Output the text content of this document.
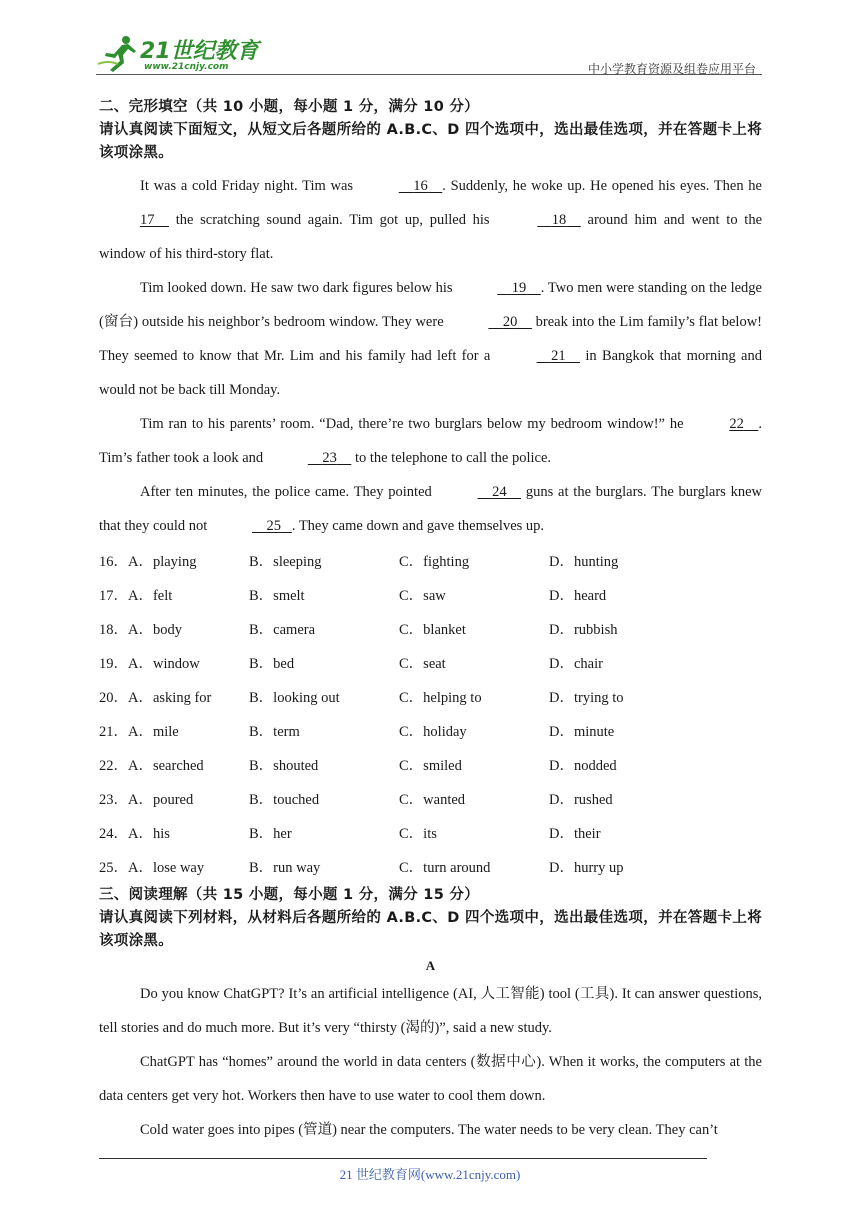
21世纪教育
www.21cnjy.com	中小学教育资源及组卷应用平台

二、完形填空（共 10 小题，每小题 1 分，满分 10 分）

请认真阅读下面短文，从短文后各题所给的 A.B.C、D 四个选项中，选出最佳选项，并在答题卡上将该项涂黑。

It was a cold Friday night. Tim was	16 . Suddenly, he woke up. He opened his eyes. Then he 17     the scratching sound again. Tim got up, pulled his	18     around him and went to the window of his third-story flat.

Tim looked down. He saw two dark figures below his	19 . Two men were standing on the ledge (窗台) outside his neighbor’s bedroom window. They were	20     break into the Lim family’s flat below! They seemed to know that Mr. Lim and his family had left for a	21     in Bangkok that morning and would not be back till Monday.

Tim ran to his parents’ room. “Dad, there’re two burglars below my bedroom window!” he	22 . Tim’s father took a look and	23     to the telephone to call the police.

After ten minutes, the police came. They pointed	24     guns at the burglars. The burglars knew that they could not	25 . They came down and gave themselves up.

16．A．playing	B．sleeping	C．fighting	D．hunting
17．A．felt	B．smelt	C．saw	D．heard
18．A．body	B．camera	C．blanket	D．rubbish
19．A．window	B．bed	C．seat	D．chair
20．A．asking for	B．looking out	C．helping to	D．trying to
21．A．mile	B．term	C．holiday	D．minute
22．A．searched	B．shouted	C．smiled	D．nodded
23．A．poured	B．touched	C．wanted	D．rushed
24．A．his	B．her	C．its	D．their
25．A．lose way	B．run way	C．turn around	D．hurry up

三、阅读理解（共 15 小题，每小题 1 分，满分 15 分）

请认真阅读下列材料，从材料后各题所给的 A.B.C、D 四个选项中，选出最佳选项，并在答题卡上将该项涂黑。

A

Do you know ChatGPT? It’s an artificial intelligence (AI, 人工智能) tool (工具). It can answer questions, tell stories and do much more. But it’s very “thirsty (渴的)”, said a new study.

ChatGPT has “homes” around the world in data centers (数据中心). When it works, the computers at the data centers get very hot. Workers then have to use water to cool them down.

Cold water goes into pipes (管道) near the computers. The water needs to be very clean. They can’t

21 世纪教育网(www.21cnjy.com)
